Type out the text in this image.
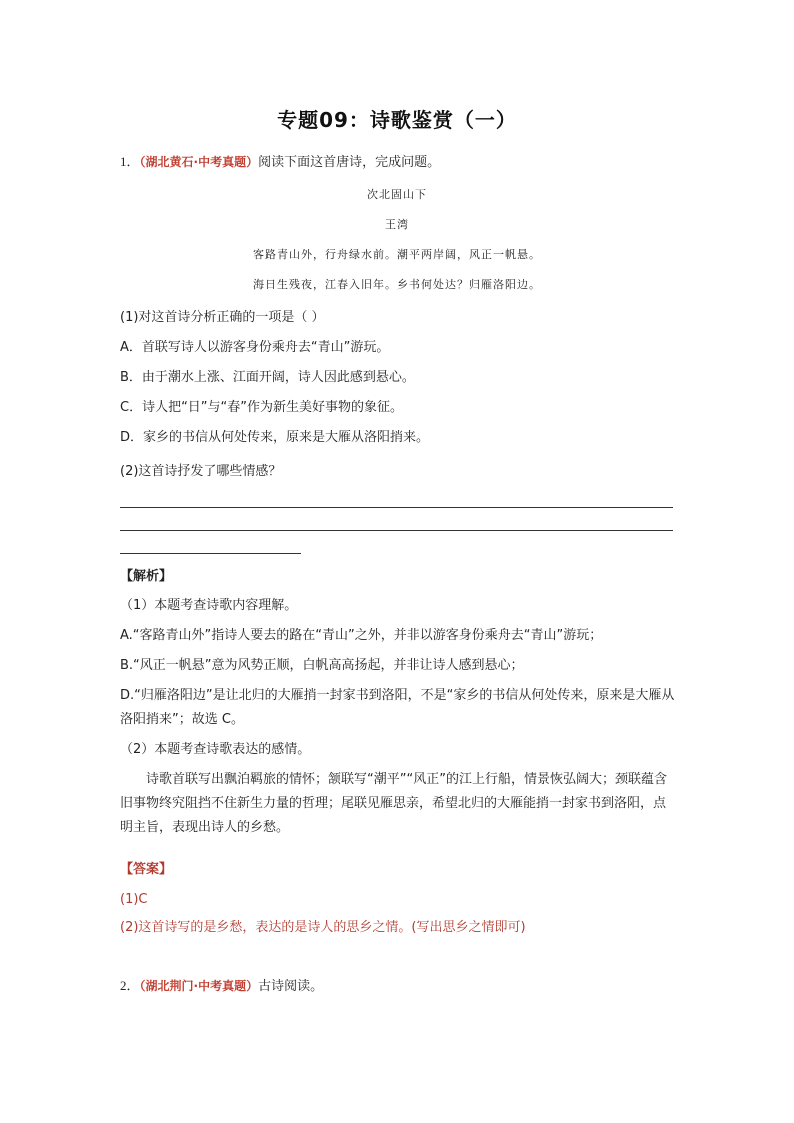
专题09：诗歌鉴赏（一）
1．（湖北黄石·中考真题）阅读下面这首唐诗，完成问题。
次北固山下
王湾
客路青山外，行舟绿水前。潮平两岸阔，风正一帆悬。
海日生残夜，江春入旧年。乡书何处达？归雁洛阳边。
(1)对这首诗分析正确的一项是（ ）
A．首联写诗人以游客身份乘舟去“青山”游玩。
B．由于潮水上涨、江面开阔，诗人因此感到悬心。
C．诗人把“日”与“春”作为新生美好事物的象征。
D．家乡的书信从何处传来，原来是大雁从洛阳捎来。
(2)这首诗抒发了哪些情感？
【解析】

（1）本题考查诗歌内容理解。

A.“客路青山外”指诗人要去的路在“青山”之外，并非以游客身份乘舟去“青山”游玩；

B.“风正一帆悬”意为风势正顺，白帆高高扬起，并非让诗人感到悬心；

D.“归雁洛阳边”是让北归的大雁捎一封家书到洛阳，不是“家乡的书信从何处传来，原来是大雁从洛阳捎来”；故选 C。

（2）本题考查诗歌表达的感情。

诗歌首联写出飘泊羁旅的情怀；颔联写“潮平”“风正”的江上行船，情景恢弘阔大；颈联蕴含旧事物终究阻挡不住新生力量的哲理；尾联见雁思亲，希望北归的大雁能捎一封家书到洛阳，点明主旨，表现出诗人的乡愁。

【答案】
(1)C
(2)这首诗写的是乡愁，表达的是诗人的思乡之情。(写出思乡之情即可)
2．（湖北荆门·中考真题）古诗阅读。
